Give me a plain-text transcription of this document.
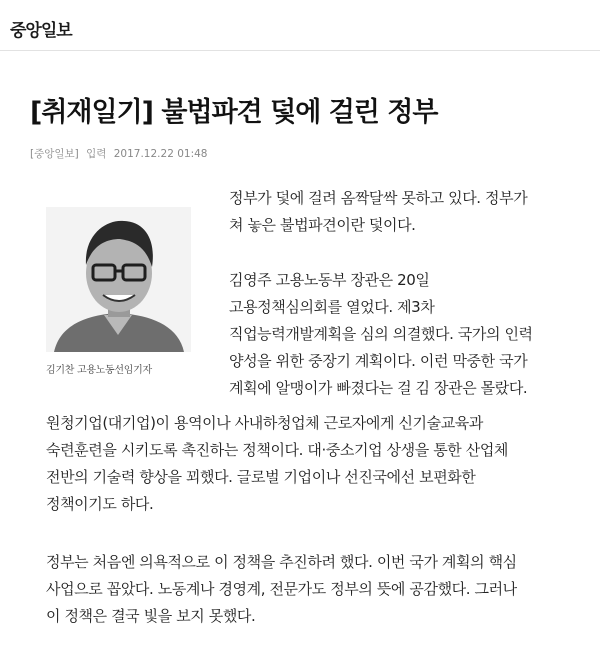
중앙일보
[취재일기] 불법파견 덫에 걸린 정부
[중앙일보] 입력 2017.12.22 01:48
김기찬 고용노동선임기자
정부가 덫에 걸려 옴짝달싹 못하고 있다. 정부가
쳐 놓은 불법파견이란 덫이다.
김영주 고용노동부 장관은 20일
고용정책심의회를 열었다. 제3차
직업능력개발계획을 심의 의결했다. 국가의 인력
양성을 위한 중장기 계획이다. 이런 막중한 국가
계획에 알맹이가 빠졌다는 걸 김 장관은 몰랐다.
원청기업(대기업)이 용역이나 사내하청업체 근로자에게 신기술교육과
숙련훈련을 시키도록 촉진하는 정책이다. 대·중소기업 상생을 통한 산업체
전반의 기술력 향상을 꾀했다. 글로벌 기업이나 선진국에선 보편화한
정책이기도 하다.
정부는 처음엔 의욕적으로 이 정책을 추진하려 했다. 이번 국가 계획의 핵심
사업으로 꼽았다. 노동계나 경영계, 전문가도 정부의 뜻에 공감했다. 그러나
이 정책은 결국 빛을 보지 못했다.
